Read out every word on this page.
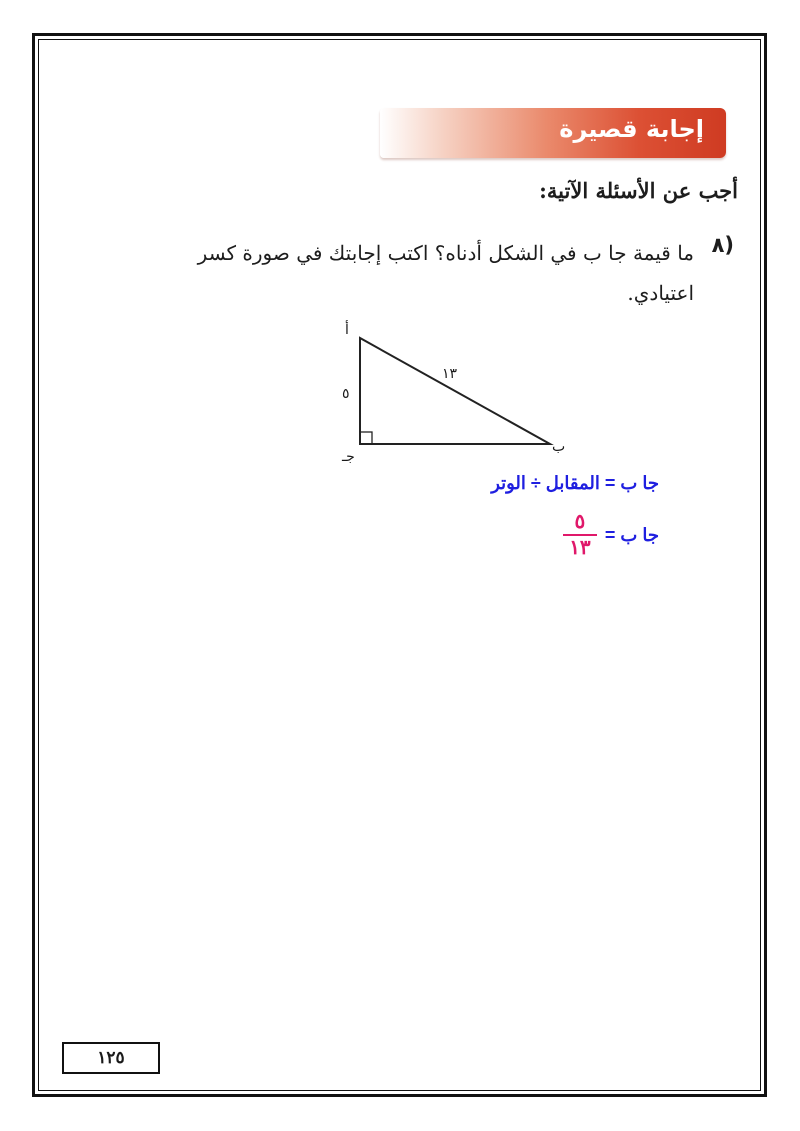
إجابة قصيرة
أجب عن الأسئلة الآتية:
٨)
ما قيمة جا ب في الشكل أدناه؟ اكتب إجابتك في صورة كسر اعتيادي.
أ
ب
جـ
٥
١٣
جا ب = المقابل ÷ الوتر
جا ب =
$\frac{٥}{١٣}$
١٢٥
